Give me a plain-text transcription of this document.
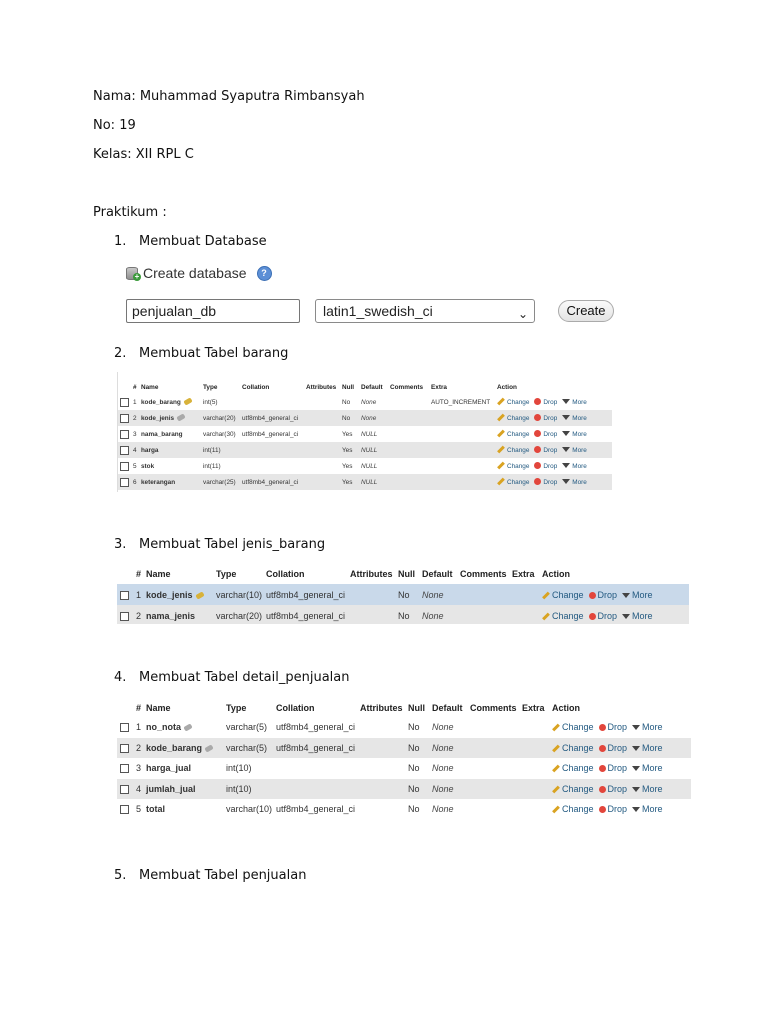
Nama: Muhammad Syaputra Rimbansyah
No: 19
Kelas: XII RPL C
Praktikum :
1. Membuat Database
+ Create database	?
penjualan_db	latin1_swedish_ci	⌄	Create
2. Membuat Tabel barang
	#	Name	Type	Collation	Attributes	Null	Default	Comments	Extra	Action
	1	kode_barang	int(5)			No	None		AUTO_INCREMENT	Change Drop More
	2	kode_jenis	varchar(20)	utf8mb4_general_ci		No	None			Change Drop More
	3	nama_barang	varchar(30)	utf8mb4_general_ci		Yes	NULL			Change Drop More
	4	harga	int(11)			Yes	NULL			Change Drop More
	5	stok	int(11)			Yes	NULL			Change Drop More
	6	keterangan	varchar(25)	utf8mb4_general_ci		Yes	NULL			Change Drop More
3. Membuat Tabel jenis_barang
	#	Name	Type	Collation	Attributes	Null	Default	Comments	Extra	Action
	1	kode_jenis	varchar(10)	utf8mb4_general_ci		No	None			Change Drop More
	2	nama_jenis	varchar(20)	utf8mb4_general_ci		No	None			Change Drop More
4. Membuat Tabel detail_penjualan
	#	Name	Type	Collation	Attributes	Null	Default	Comments	Extra	Action
	1	no_nota	varchar(5)	utf8mb4_general_ci		No	None			Change Drop More
	2	kode_barang	varchar(5)	utf8mb4_general_ci		No	None			Change Drop More
	3	harga_jual	int(10)			No	None			Change Drop More
	4	jumlah_jual	int(10)			No	None			Change Drop More
	5	total	varchar(10)	utf8mb4_general_ci		No	None			Change Drop More
5. Membuat Tabel penjualan
